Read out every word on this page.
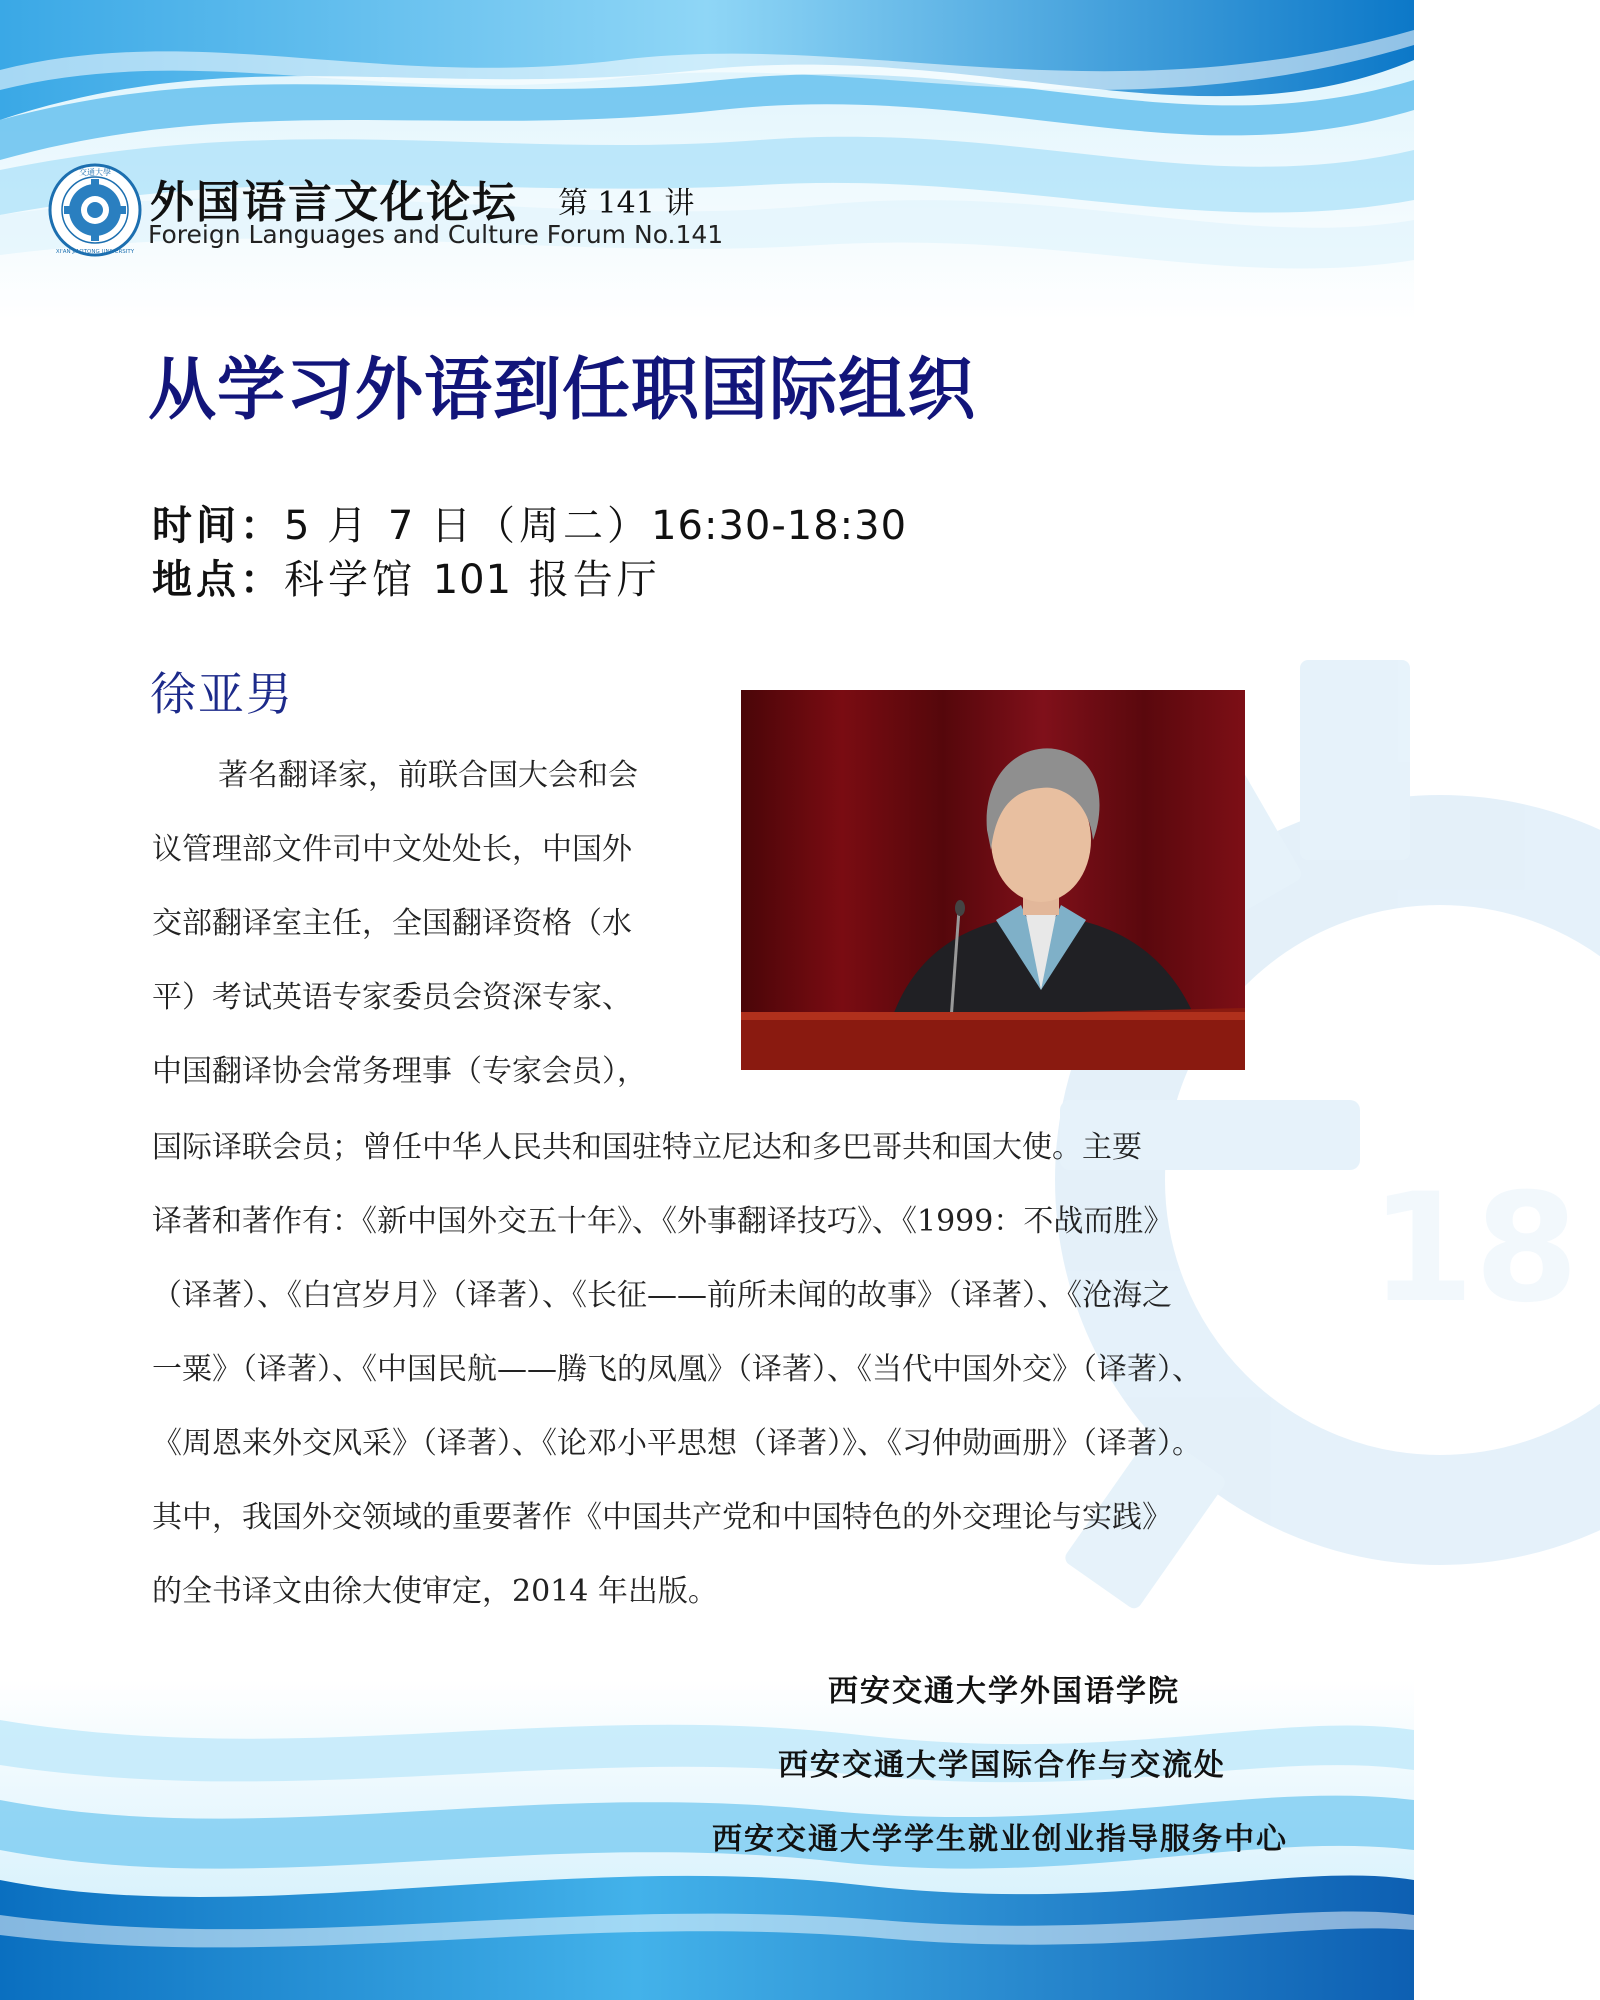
18
交通大學
XI'AN JIAOTONG UNIVERSITY
外国语言文化论坛 第 141 讲
Foreign Languages and Culture Forum No.141
从学习外语到任职国际组织
时间：5 月 7 日（周二）16:30-18:30
地点：科学馆 101 报告厅
徐亚男
著名翻译家，前联合国大会和会
议管理部文件司中文处处长，中国外
交部翻译室主任，全国翻译资格（水
平）考试英语专家委员会资深专家、
中国翻译协会常务理事（专家会员），
国际译联会员；曾任中华人民共和国驻特立尼达和多巴哥共和国大使。主要
译著和著作有：《新中国外交五十年》、《外事翻译技巧》、《1999：不战而胜》
（译著）、《白宫岁月》（译著）、《长征——前所未闻的故事》（译著）、《沧海之
一粟》（译著）、《中国民航——腾飞的凤凰》（译著）、《当代中国外交》（译著）、
《周恩来外交风采》（译著）、《论邓小平思想（译著）》、《习仲勋画册》（译著）。
其中，我国外交领域的重要著作《中国共产党和中国特色的外交理论与实践》
的全书译文由徐大使审定，2014 年出版。
西安交通大学外国语学院
西安交通大学国际合作与交流处
西安交通大学学生就业创业指导服务中心
